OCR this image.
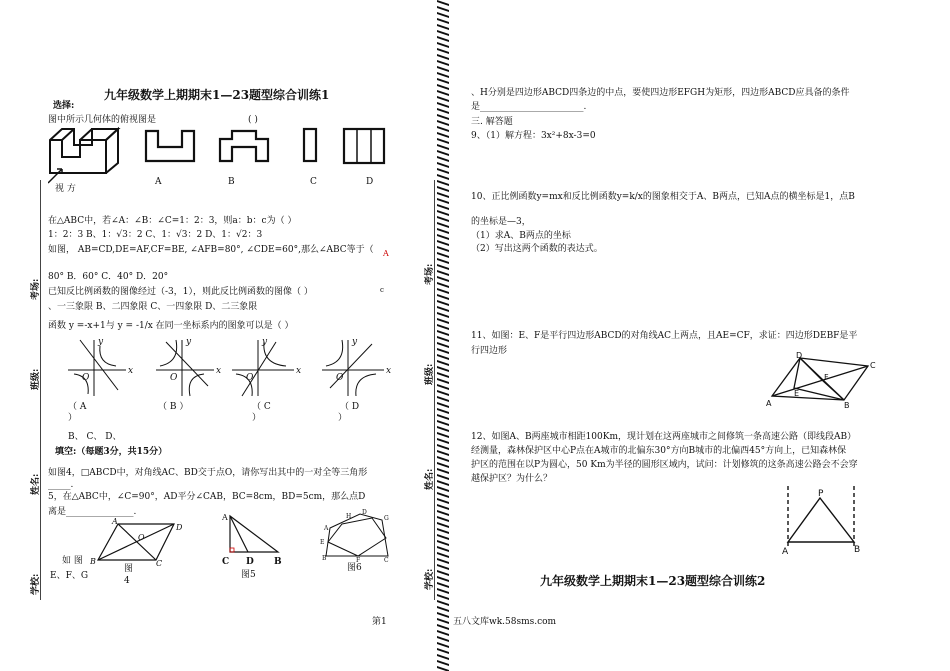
考场:
班级:
姓名:
学校:
九年级数学上期期末1—23题型综合训练1
选择:
图中所示几何体的俯视图是	( )
A	B	C	D
视 方
在△ABC中，若∠A：∠B：∠C=1：2：3，则a：b：c为（ ）
1：2：3 B、1：√3：2 C、1：√3：2 D、1：√2：3
如图， AB=CD,DE=AF,CF=BE, ∠AFB=80°, ∠CDE=60°,那么∠ABC等于（ A
80° B．60° C．40° D．20°
c
已知反比例函数的图像经过（-3，1），则此反比例函数的图像（ ）
、一三象限 B、二四象限 C、一四象限 D、二三象限
函数 y =-x+1与 y = -1/x 在同一坐标系内的图象可以是（ ）
O
x
y
O
x
y
O
x
y
O
x
y
（ A	（ B ）	（ C	（ D
）	）	）
B、 C、 D、
填空:（每题3分，共15分）
如图4，□ABCD中，对角线AC、BD交于点O，请你写出其中的一对全等三角形
_____.
5，在△ABC中，∠C=90°，AD平分∠CAB，BC=8cm，BD=5cm，那么点D
离是_______________.
A
D
O
B	C
如 图
图
4
E、F、G
A
C D B
图5
H
D
G
A
E
B	C
F
图6
第1
考场:
班级:
姓名:
学校:
、H分别是四边形ABCD四条边的中点，要使四边形EFGH为矩形，四边形ABCD应具备的条件
是_______________________.
三. 解答题
9、（1）解方程：3x²+8x-3=0
10、正比例函数y=mx和反比例函数y=k/x的图象相交于A、B两点，已知A点的横坐标是1，点B
的坐标是—3，
（1）求A、B两点的坐标
（2）写出这两个函数的表达式。
11、如图：E、F是平行四边形ABCD的对角线AC上两点，且AE=CF，求证：四边形DEBF是平
行四边形	D
C
A	B
E
F
12、如图A、B两座城市相距100Km，现计划在这两座城市之间修筑一条高速公路（即线段AB）
经测量，森林保护区中心P点在A城市的北偏东30°方向B城市的北偏西45°方向上，已知森林保
护区的范围在以P为圆心，50 Km为半径的圆形区域内，试问：计划修筑的这条高速公路会不会穿
越保护区？为什么？
P
A	B
九年级数学上期期末1—23题型综合训练2
五八文库wk.58sms.com
